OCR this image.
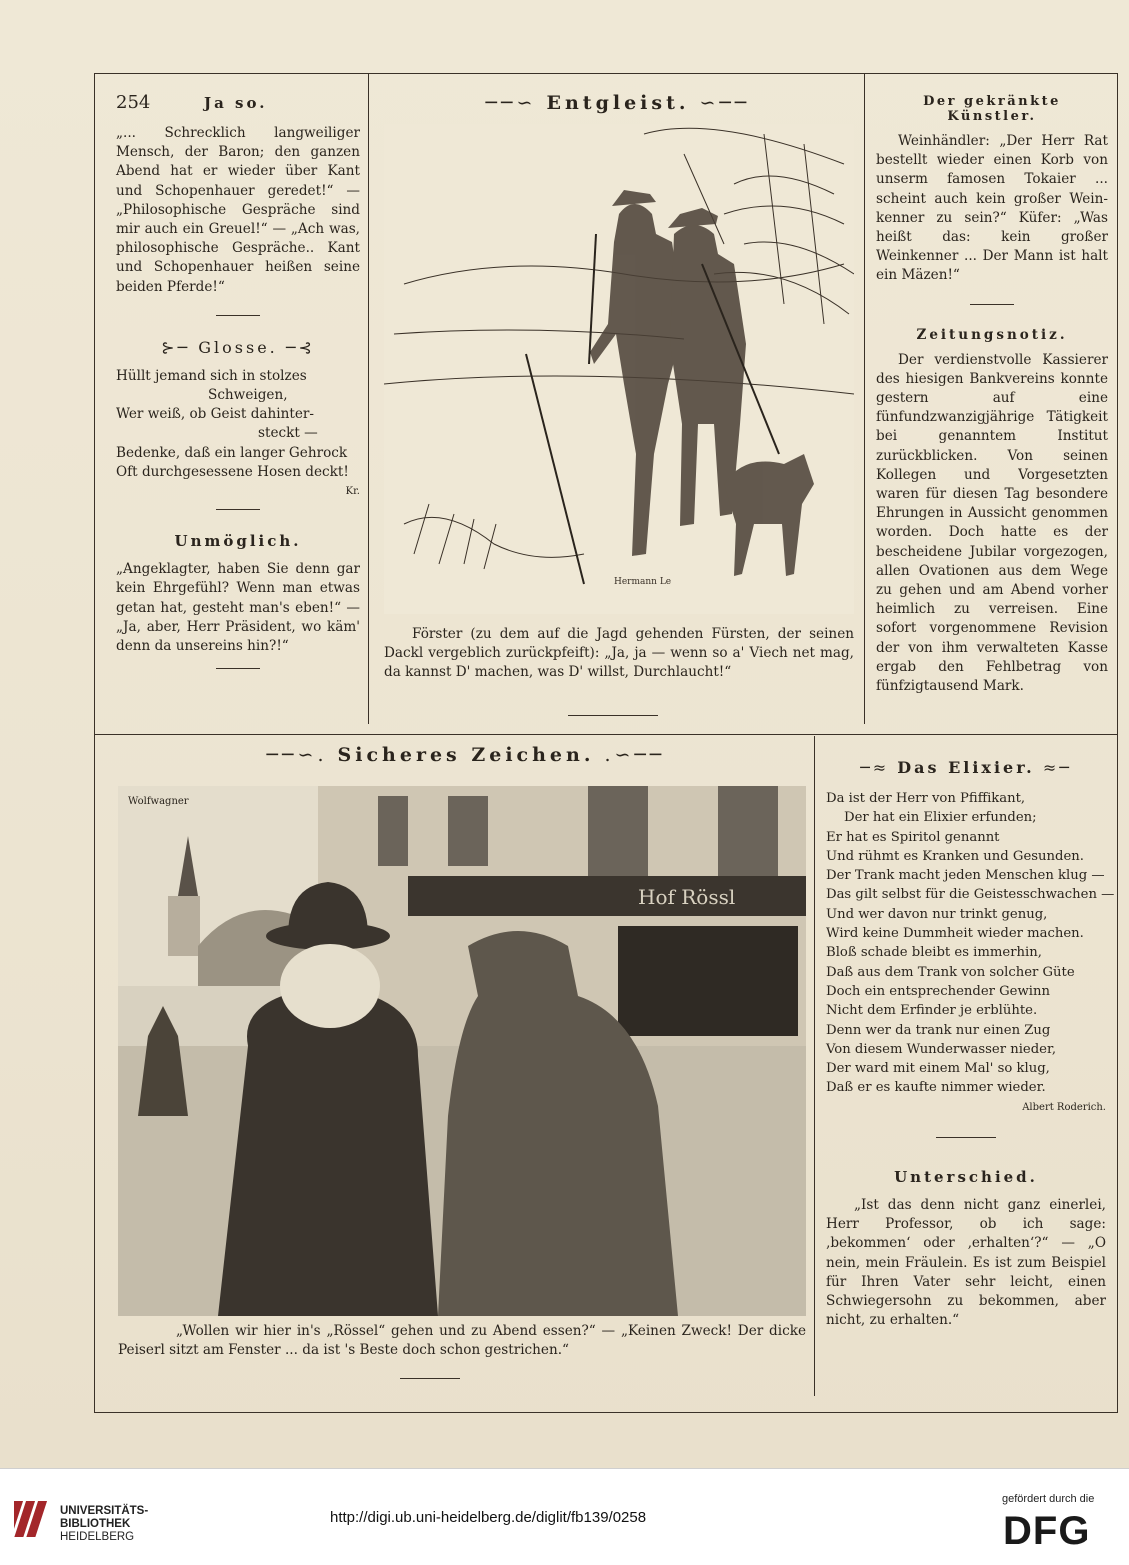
254	Ja so.

„... Schrecklich langweiliger Mensch, der Baron; den ganzen Abend hat er wieder über Kant und Schopenhauer geredet!“ — „Philosophische Gespräche sind mir auch ein Greuel!“ — „Ach was, philosophische Gespräche.. Kant und Schopenhauer heißen seine beiden Pferde!“

⊱─ Glosse. ─⊰
Hüllt jemand sich in stolzes
Schweigen,
Wer weiß, ob Geist dahinter-
steckt —
Bedenke, daß ein langer Gehrock
Oft durchgesessene Hosen deckt!
Kr.
Unmöglich.

„Angeklagter, haben Sie denn gar kein Ehrgefühl? Wenn man etwas getan hat, gesteht man's eben!“ — „Ja, aber, Herr Präsident, wo käm' denn da unsereins hin?!“

──∽ Entgleist. ∽──
Hermann Le

Förster (zu dem auf die Jagd gehenden Fürsten, der seinen Dackl vergeblich zurückpfeift): „Ja, ja — wenn so a' Viech net mag, da kannst D' machen, was D' willst, Durchlaucht!“

Der gekränkte Künstler.

Weinhändler: „Der Herr Rat bestellt wieder einen Korb von unserm famosen Tokaier ... scheint auch kein großer Wein-kenner zu sein?“ Küfer: „Was heißt das: kein großer Weinkenner ... Der Mann ist halt ein Mäzen!“

Zeitungsnotiz.

Der verdienstvolle Kassierer des hiesigen Bankvereins konnte gestern auf eine fünfundzwanzigjährige Tätigkeit bei genanntem Institut zurückblicken. Von seinen Kollegen und Vorgesetzten waren für diesen Tag besondere Ehrungen in Aussicht genommen worden. Doch hatte es der bescheidene Jubilar vorgezogen, allen Ovationen aus dem Wege zu gehen und am Abend vorher heimlich zu verreisen. Eine sofort vorgenommene Revision der von ihm verwalteten Kasse ergab den Fehlbetrag von fünfzigtausend Mark.

──∽. Sicheres Zeichen. .∽──
Hof Rössl
Wolfwagner

„Wollen wir hier in's „Rössel“ gehen und zu Abend essen?“ — „Keinen Zweck! Der dicke Peiserl sitzt am Fenster ... da ist 's Beste doch schon gestrichen.“

─≈ Das Elixier. ≈─
Da ist der Herr von Pfiffikant,
Der hat ein Elixier erfunden;
Er hat es Spiritol genannt
Und rühmt es Kranken und Gesunden.
Der Trank macht jeden Menschen klug —
Das gilt selbst für die Geistesschwachen —
Und wer davon nur trinkt genug,
Wird keine Dummheit wieder machen.
Bloß schade bleibt es immerhin,
Daß aus dem Trank von solcher Güte
Doch ein entsprechender Gewinn
Nicht dem Erfinder je erblühte.
Denn wer da trank nur einen Zug
Von diesem Wunderwasser nieder,
Der ward mit einem Mal' so klug,
Daß er es kaufte nimmer wieder.
Albert Roderich.
Unterschied.

„Ist das denn nicht ganz einerlei, Herr Professor, ob ich sage: ‚bekommen‘ oder ‚erhalten‘?“ — „O nein, mein Fräulein. Es ist zum Beispiel für Ihren Vater sehr leicht, einen Schwiegersohn zu bekommen, aber nicht, zu erhalten.“

UNIVERSITÄTS-
BIBLIOTHEK
HEIDELBERG
http://digi.ub.uni-heidelberg.de/diglit/fb139/0258
gefördert durch die
DFG
